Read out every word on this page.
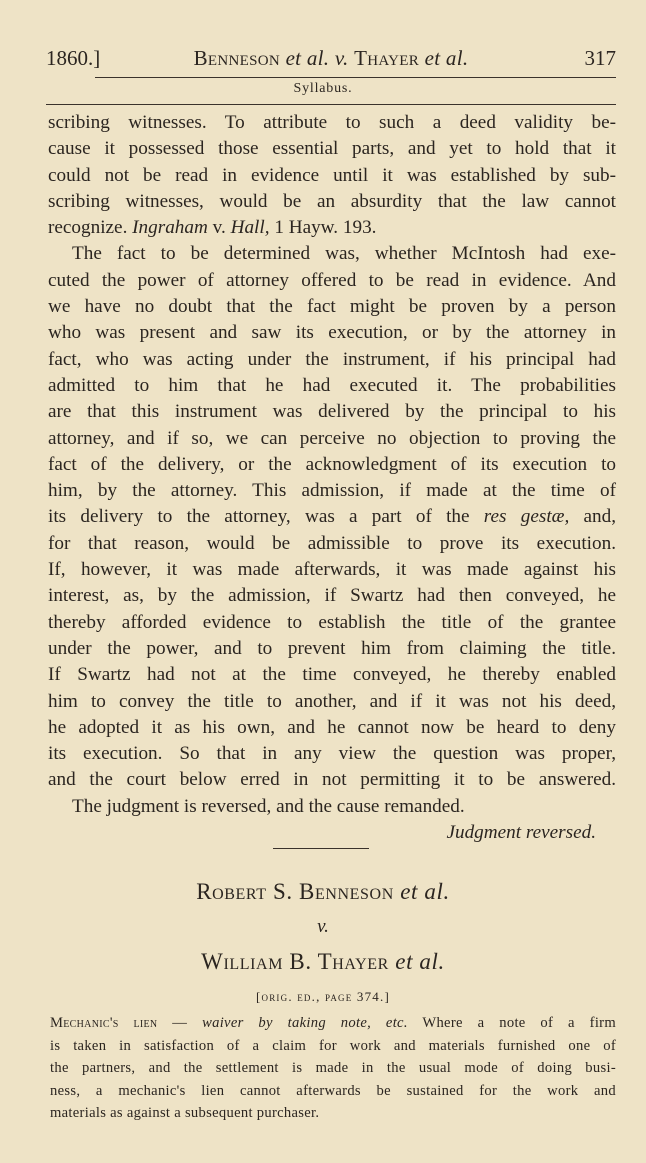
1860.]	Benneson et al. v. Thayer et al.	317
Syllabus.
scribing witnesses. To attribute to such a deed validity be-
cause it possessed those essential parts, and yet to hold that it
could not be read in evidence until it was established by sub-
scribing witnesses, would be an absurdity that the law cannot
recognize. Ingraham v. Hall, 1 Hayw. 193.
The fact to be determined was, whether McIntosh had exe-
cuted the power of attorney offered to be read in evidence. And
we have no doubt that the fact might be proven by a person
who was present and saw its execution, or by the attorney in
fact, who was acting under the instrument, if his principal had
admitted to him that he had executed it. The probabilities
are that this instrument was delivered by the principal to his
attorney, and if so, we can perceive no objection to proving the
fact of the delivery, or the acknowledgment of its execution to
him, by the attorney. This admission, if made at the time of
its delivery to the attorney, was a part of the res gestæ, and,
for that reason, would be admissible to prove its execution.
If, however, it was made afterwards, it was made against his
interest, as, by the admission, if Swartz had then conveyed, he
thereby afforded evidence to establish the title of the grantee
under the power, and to prevent him from claiming the title.
If Swartz had not at the time conveyed, he thereby enabled
him to convey the title to another, and if it was not his deed,
he adopted it as his own, and he cannot now be heard to deny
its execution. So that in any view the question was proper,
and the court below erred in not permitting it to be answered.
The judgment is reversed, and the cause remanded.
Judgment reversed.
Robert S. Benneson et al.
v.
William B. Thayer et al.
[orig. ed., page 374.]
Mechanic's lien — waiver by taking note, etc. Where a note of a firm
is taken in satisfaction of a claim for work and materials furnished one of
the partners, and the settlement is made in the usual mode of doing busi-
ness, a mechanic's lien cannot afterwards be sustained for the work and
materials as against a subsequent purchaser.
